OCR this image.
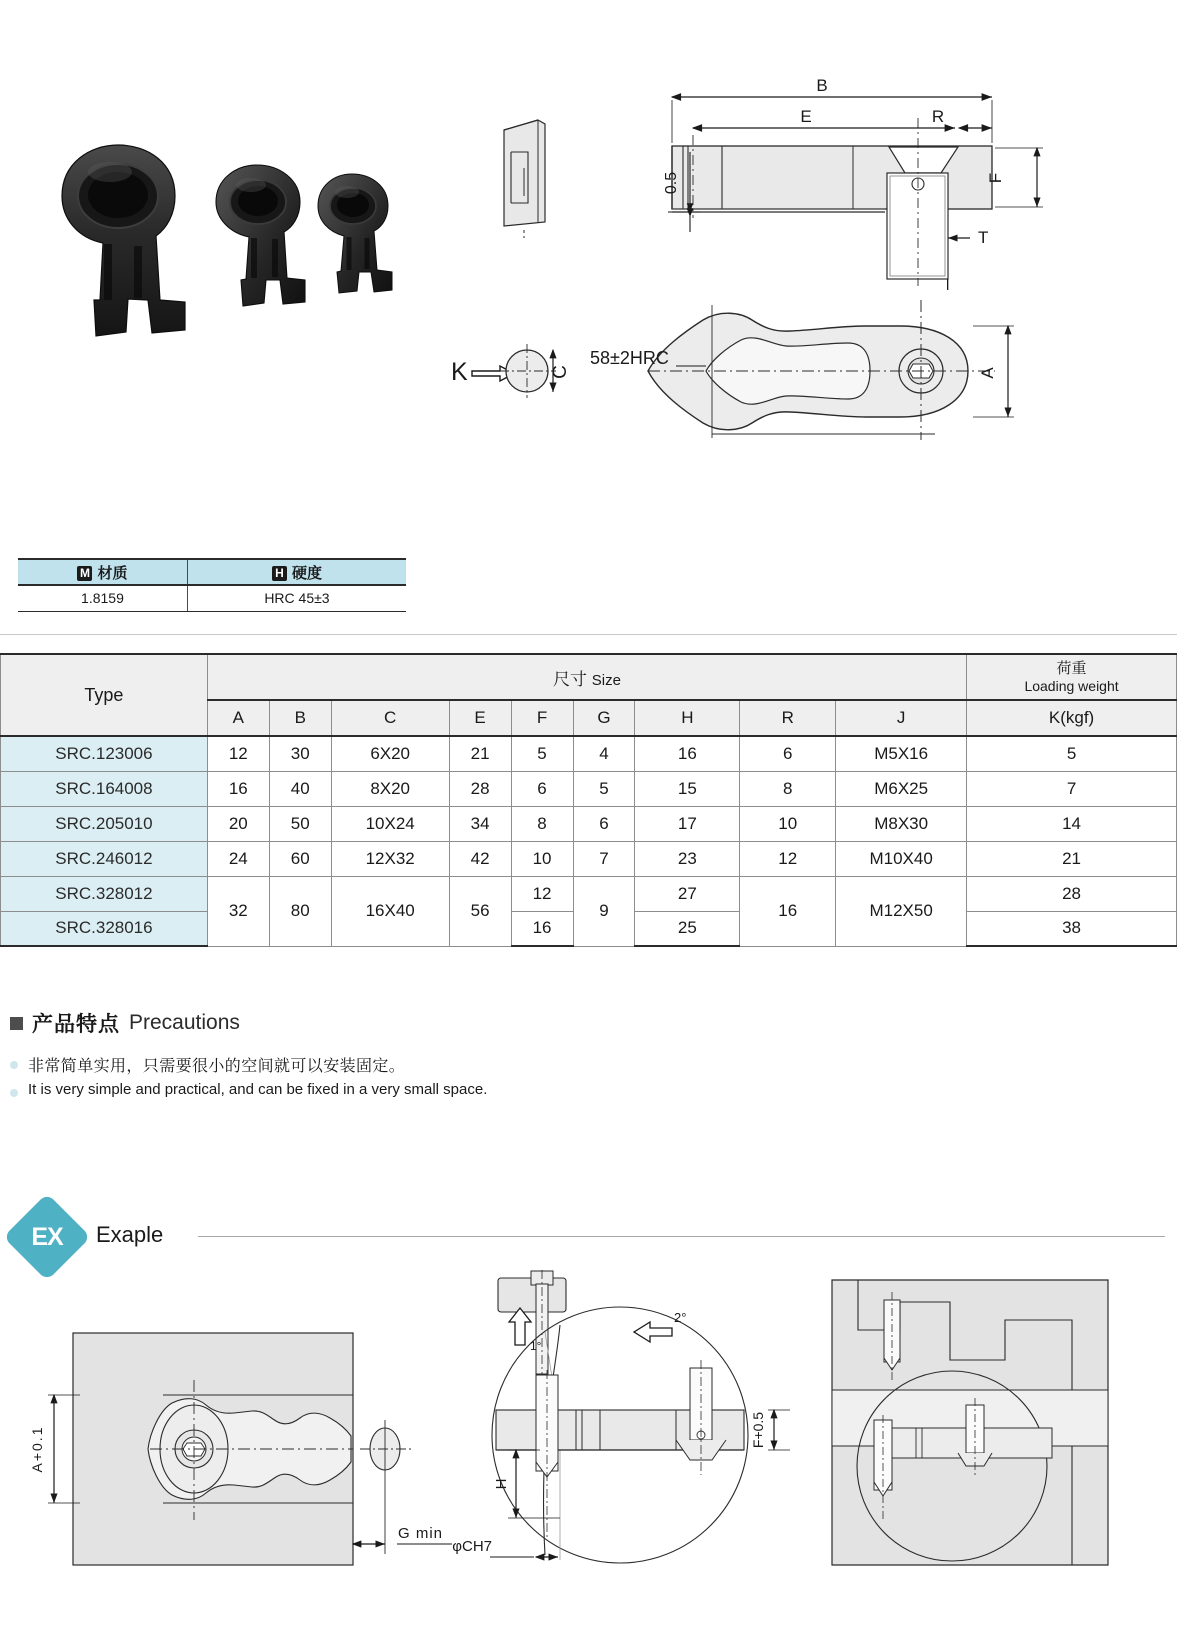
B
E	R
0.5	F
T
l
K	C	A
58±2HRC
M 材质	H 硬度
1.8159	HRC 45±3
Type	尺寸 Size									荷重
Loading weight

	A	B	C	E	F	G	H	R	J	K(kgf)
SRC.123006	12	30	6X20	21	5	4	16	6	M5X16	5
SRC.164008	16	40	8X20	28	6	5	15	8	M6X25	7
SRC.205010	20	50	10X24	34	8	6	17	10	M8X30	14
SRC.246012	24	60	12X32	42	10	7	23	12	M10X40	21
SRC.328012	32	80	16X40	56	12	9	27	16	M12X50	28
SRC.328016					16		25			38
产品特点 Precautions
非常简单实用，只需要很小的空间就可以安装固定。
It is very simple and practical, and can be fixed in a very small space.
EX	Exaple
A+0.1
G min
1°
2°
H
φCH7
F+0.5
